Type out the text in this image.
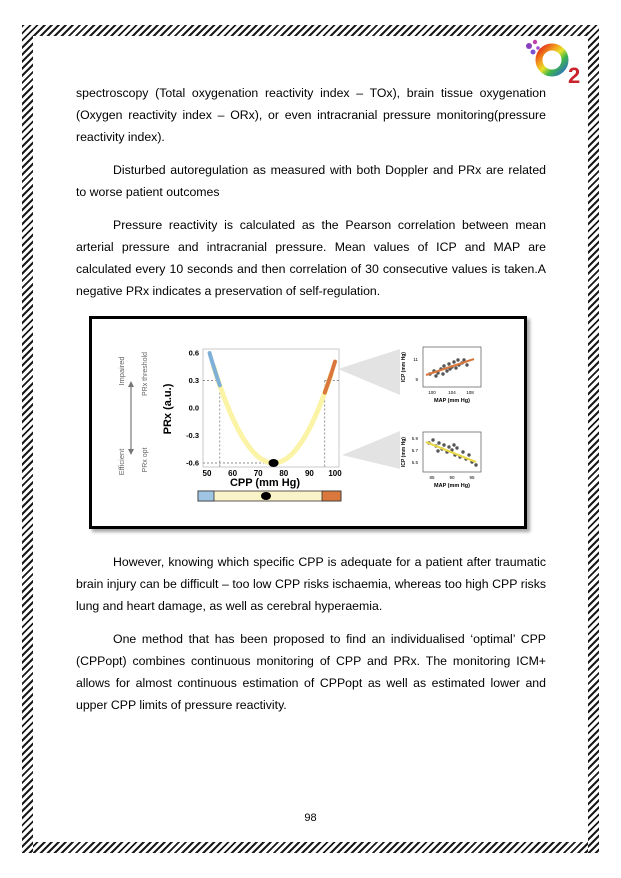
2

spectroscopy (Total oxygenation reactivity index – TOx), brain tissue oxygenation (Oxygen reactivity index – ORx), or even intracranial pressure monitoring(pressure reactivity index).

Disturbed autoregulation as measured with both Doppler and PRx are related to worse patient outcomes

Pressure reactivity is calculated as the Pearson correlation between mean arterial pressure and intracranial pressure. Mean values of ICP and MAP are calculated every 10 seconds and then correlation of 30 consecutive values is taken.A negative PRx indicates a preservation of self-regulation.

Impaired
Efficient
PRx threshold
PRx opt
PRx (a.u.)
0.6
0.3
0.0
-0.3
-0.6
50 60 70 80 90 100
CPP (mm Hg)
ICP (mm Hg) 11
9
100	104 108
MAP (mm Hg)
ICP (mm Hg) 5.9
5.7
5.5
85	90	95
MAP (mm Hg)

However, knowing which specific CPP is adequate for a patient after traumatic brain injury can be difficult – too low CPP risks ischaemia, whereas too high CPP risks lung and heart damage, as well as cerebral hyperaemia.

One method that has been proposed to find an individualised ‘optimal’ CPP (CPPopt) combines continuous monitoring of CPP and PRx. The monitoring ICM+ allows for almost continuous estimation of CPPopt as well as estimated lower and upper CPP limits of pressure reactivity.

98
